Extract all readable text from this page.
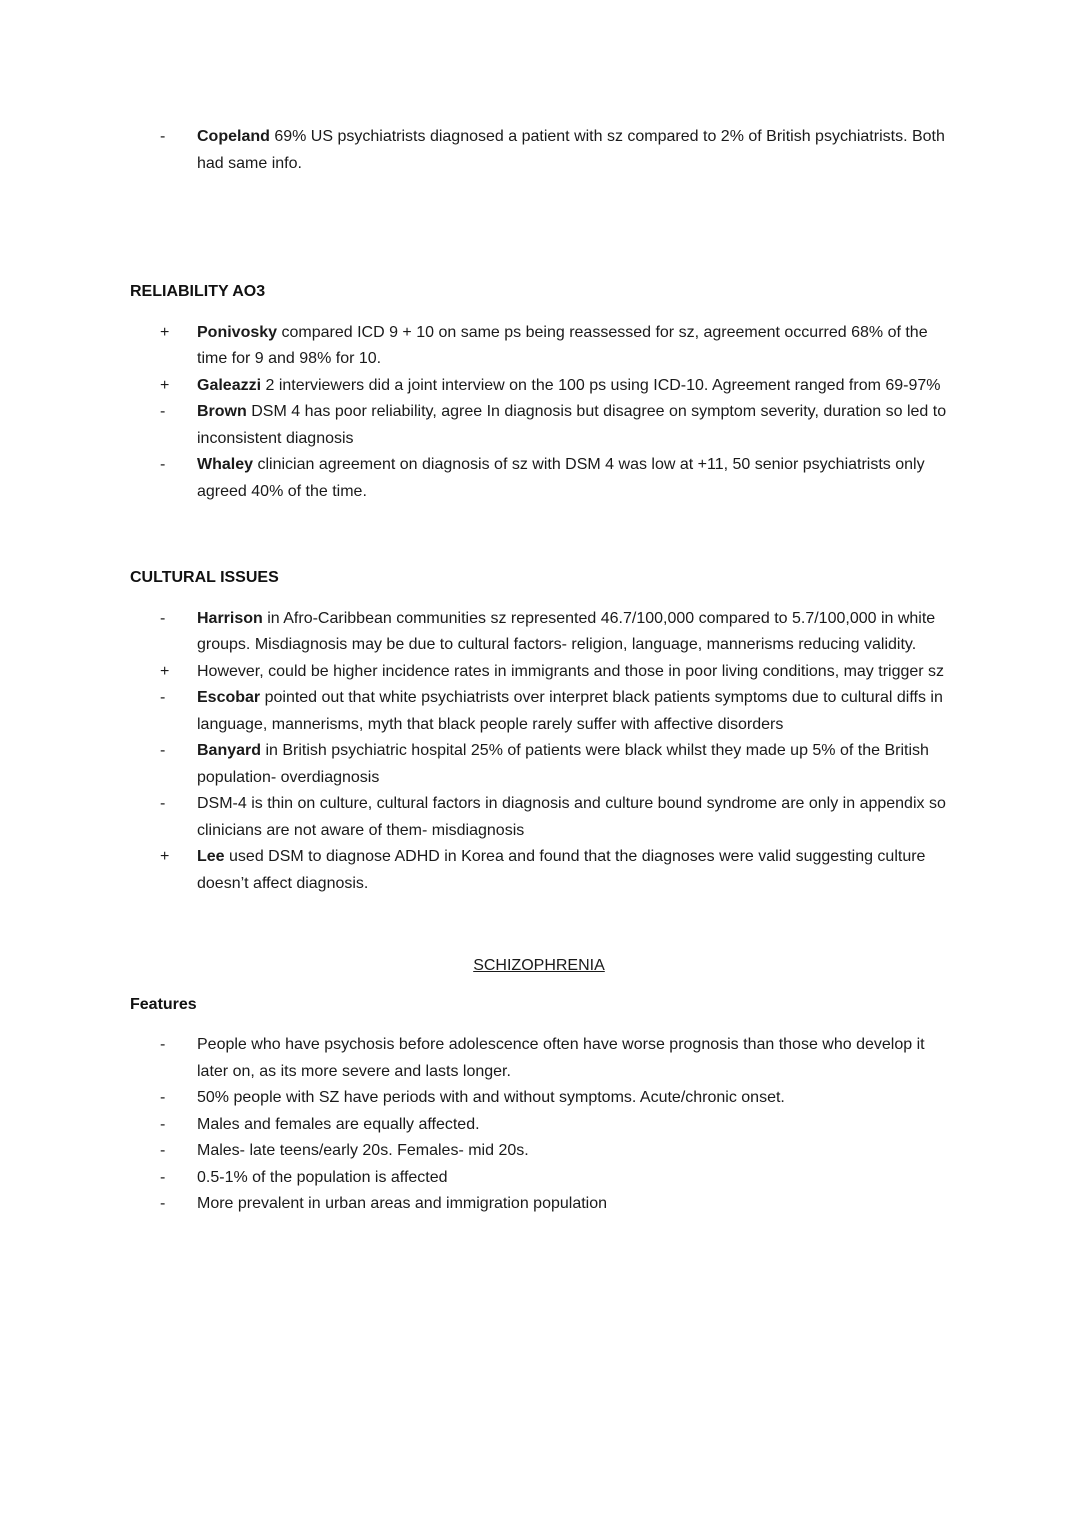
-	Copeland 69% US psychiatrists diagnosed a patient with sz compared to 2% of British psychiatrists. Both had same info.
RELIABILITY AO3
+	Ponivosky compared ICD 9 + 10 on same ps being reassessed for sz, agreement occurred 68% of the time for 9 and 98% for 10.
+	Galeazzi 2 interviewers did a joint interview on the 100 ps using ICD-10. Agreement ranged from 69-97%
-	Brown DSM 4 has poor reliability, agree In diagnosis but disagree on symptom severity, duration so led to inconsistent diagnosis
-	Whaley clinician agreement on diagnosis of sz with DSM 4 was low at +11, 50 senior psychiatrists only agreed 40% of the time.
CULTURAL ISSUES
-	Harrison in Afro-Caribbean communities sz represented 46.7/100,000 compared to 5.7/100,000 in white groups. Misdiagnosis may be due to cultural factors- religion, language, mannerisms reducing validity.
+	However, could be higher incidence rates in immigrants and those in poor living conditions, may trigger sz
-	Escobar pointed out that white psychiatrists over interpret black patients symptoms due to cultural diffs in language, mannerisms, myth that black people rarely suffer with affective disorders
-	Banyard in British psychiatric hospital 25% of patients were black whilst they made up 5% of the British population- overdiagnosis
-	DSM-4 is thin on culture, cultural factors in diagnosis and culture bound syndrome are only in appendix so clinicians are not aware of them- misdiagnosis
+	Lee used DSM to diagnose ADHD in Korea and found that the diagnoses were valid suggesting culture doesn’t affect diagnosis.
SCHIZOPHRENIA
Features
-	People who have psychosis before adolescence often have worse prognosis than those who develop it later on, as its more severe and lasts longer.
-	50% people with SZ have periods with and without symptoms. Acute/chronic onset.
-	Males and females are equally affected.
-	Males- late teens/early 20s. Females- mid 20s.
-	0.5-1% of the population is affected
-	More prevalent in urban areas and immigration population
